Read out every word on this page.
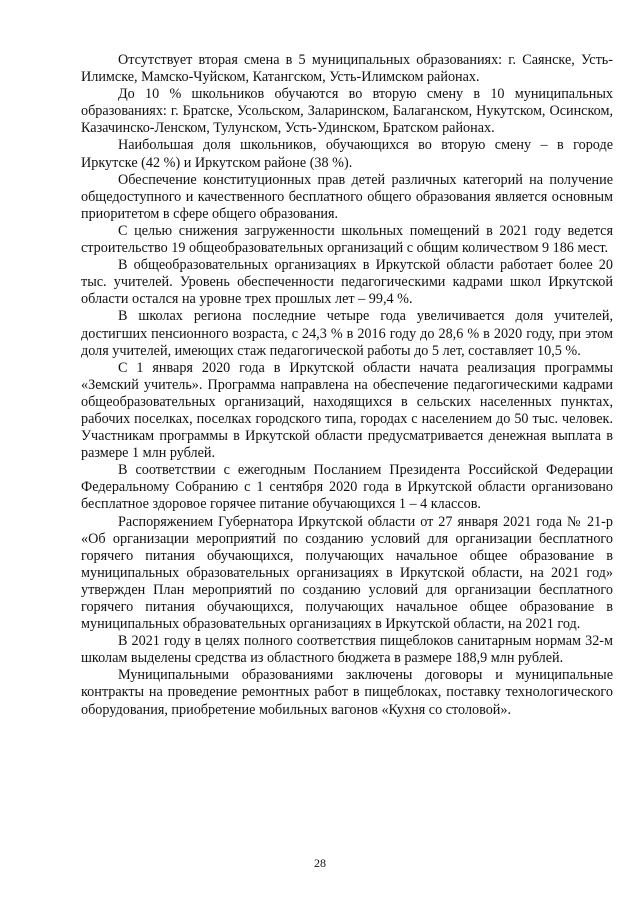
Отсутствует вторая смена в 5 муниципальных образованиях: г. Саянске, Усть-Илимске, Мамско-Чуйском, Катангском, Усть-Илимском районах.

До 10 % школьников обучаются во вторую смену в 10 муниципальных образованиях: г. Братске, Усольском, Заларинском, Балаганском, Нукутском, Осинском, Казачинско-Ленском, Тулунском, Усть-Удинском, Братском районах.

Наибольшая доля школьников, обучающихся во вторую смену – в городе Иркутске (42 %) и Иркутском районе (38 %).

Обеспечение конституционных прав детей различных категорий на получение общедоступного и качественного бесплатного общего образования является основным приоритетом в сфере общего образования.

С целью снижения загруженности школьных помещений в 2021 году ведется строительство 19 общеобразовательных организаций с общим количеством 9 186 мест.

В общеобразовательных организациях в Иркутской области работает более 20 тыс. учителей. Уровень обеспеченности педагогическими кадрами школ Иркутской области остался на уровне трех прошлых лет – 99,4 %.

В школах региона последние четыре года увеличивается доля учителей, достигших пенсионного возраста, с 24,3 % в 2016 году до 28,6 % в 2020 году, при этом доля учителей, имеющих стаж педагогической работы до 5 лет, составляет 10,5 %.

С 1 января 2020 года в Иркутской области начата реализация программы «Земский учитель». Программа направлена на обеспечение педагогическими кадрами общеобразовательных организаций, находящихся в сельских населенных пунктах, рабочих поселках, поселках городского типа, городах с населением до 50 тыс. человек. Участникам программы в Иркутской области предусматривается денежная выплата в размере 1 млн рублей.

В соответствии с ежегодным Посланием Президента Российской Федерации Федеральному Собранию с 1 сентября 2020 года в Иркутской области организовано бесплатное здоровое горячее питание обучающихся 1 – 4 классов.

Распоряжением Губернатора Иркутской области от 27 января 2021 года № 21-р «Об организации мероприятий по созданию условий для организации бесплатного горячего питания обучающихся, получающих начальное общее образование в муниципальных образовательных организациях в Иркутской области, на 2021 год» утвержден План мероприятий по созданию условий для организации бесплатного горячего питания обучающихся, получающих начальное общее образование в муниципальных образовательных организациях в Иркутской области, на 2021 год.

В 2021 году в целях полного соответствия пищеблоков санитарным нормам 32-м школам выделены средства из областного бюджета в размере 188,9 млн рублей.

Муниципальными образованиями заключены договоры и муниципальные контракты на проведение ремонтных работ в пищеблоках, поставку технологического оборудования, приобретение мобильных вагонов «Кухня со столовой».

28
